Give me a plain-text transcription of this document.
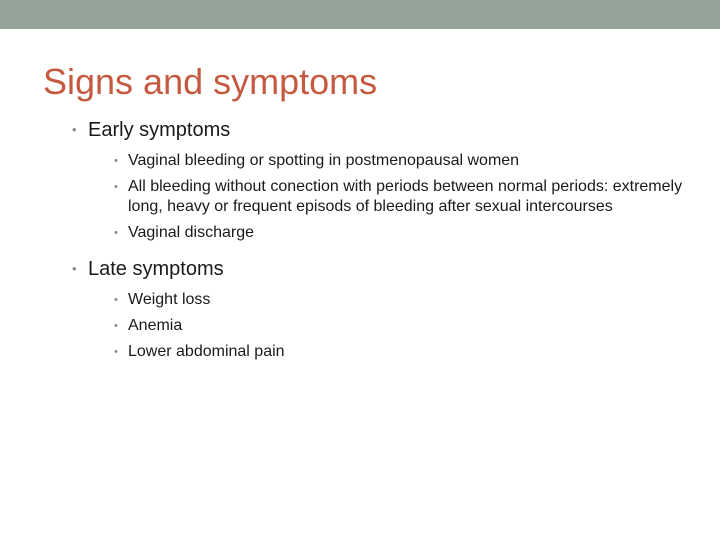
Signs and symptoms
• Early symptoms
• Vaginal bleeding or spotting in postmenopausal women
• All bleeding without conection with periods between normal periods: extremely long, heavy or frequent episods of bleeding after sexual intercourses
• Vaginal discharge
• Late symptoms
• Weight loss
• Anemia
• Lower abdominal pain
